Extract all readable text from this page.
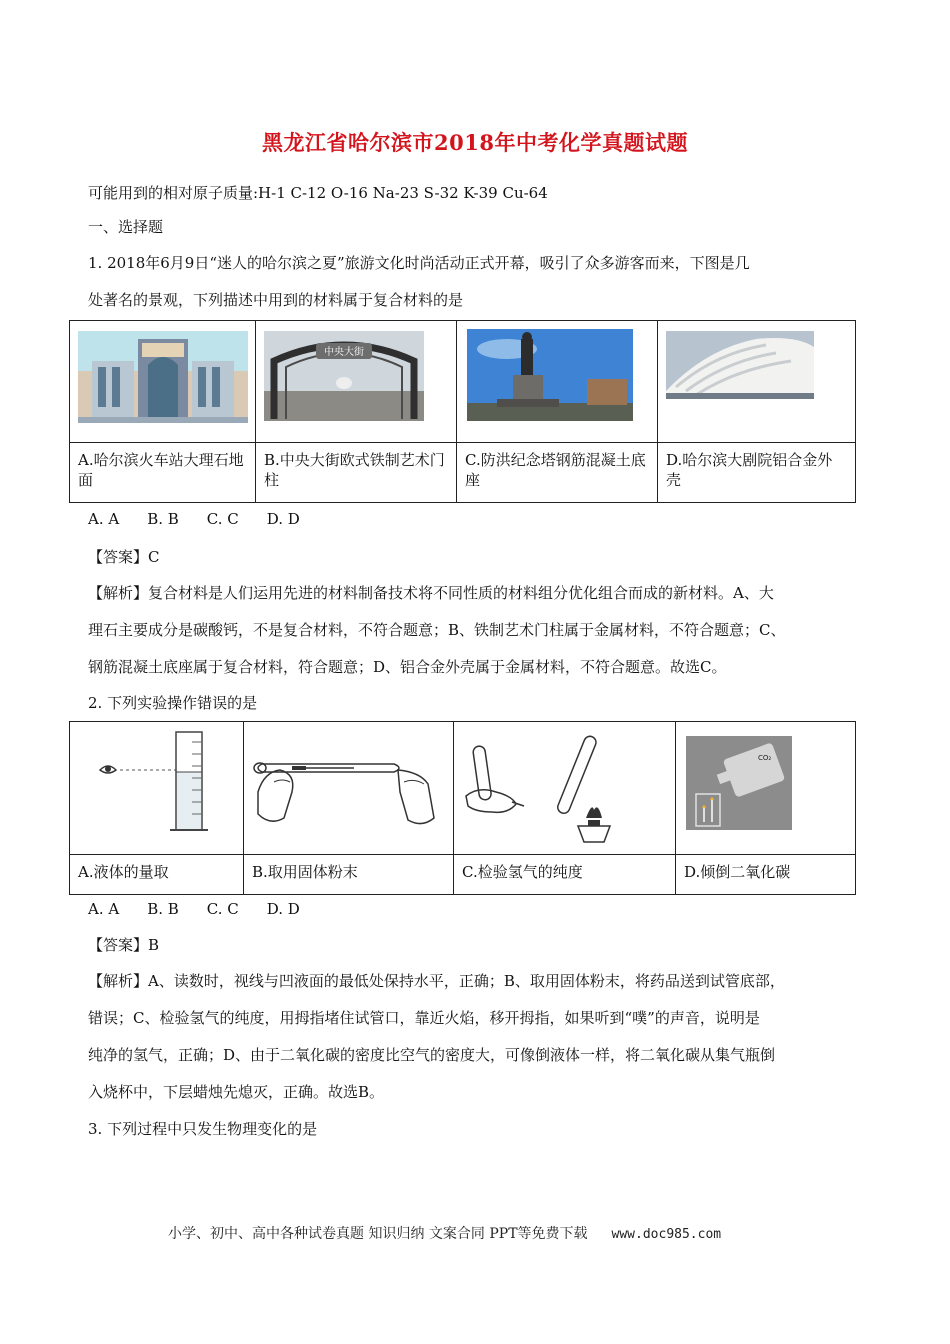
黑龙江省哈尔滨市2018年中考化学真题试题
可能用到的相对原子质量:H-1 C-12 O-16 Na-23 S-32 K-39 Cu-64
一、选择题
1. 2018年6月9日“迷人的哈尔滨之夏”旅游文化时尚活动正式开幕，吸引了众多游客而来，下图是几
处著名的景观，下列描述中用到的材料属于复合材料的是

中央大街

A.哈尔滨火车站大理石地面	B.中央大街欧式铁制艺术门柱	C.防洪纪念塔钢筋混凝土底座	D.哈尔滨大剧院铝合金外壳
A. A B. B C. C D. D
【答案】C
【解析】复合材料是人们运用先进的材料制备技术将不同性质的材料组分优化组合而成的新材料。A、大
理石主要成分是碳酸钙，不是复合材料，不符合题意；B、铁制艺术门柱属于金属材料，不符合题意；C、
钢筋混凝土底座属于复合材料，符合题意；D、铝合金外壳属于金属材料，不符合题意。故选C。
2. 下列实验操作错误的是

CO₂

A.液体的量取	B.取用固体粉末	C.检验氢气的纯度	D.倾倒二氧化碳
A. A B. B C. C D. D
【答案】B
【解析】A、读数时，视线与凹液面的最低处保持水平，正确；B、取用固体粉末，将药品送到试管底部，
错误；C、检验氢气的纯度，用拇指堵住试管口，靠近火焰，移开拇指，如果听到“噗”的声音，说明是
纯净的氢气，正确；D、由于二氧化碳的密度比空气的密度大，可像倒液体一样，将二氧化碳从集气瓶倒
入烧杯中，下层蜡烛先熄灭，正确。故选B。
3. 下列过程中只发生物理变化的是
小学、初中、高中各种试卷真题 知识归纳 文案合同 PPT等免费下载 www.doc985.com
